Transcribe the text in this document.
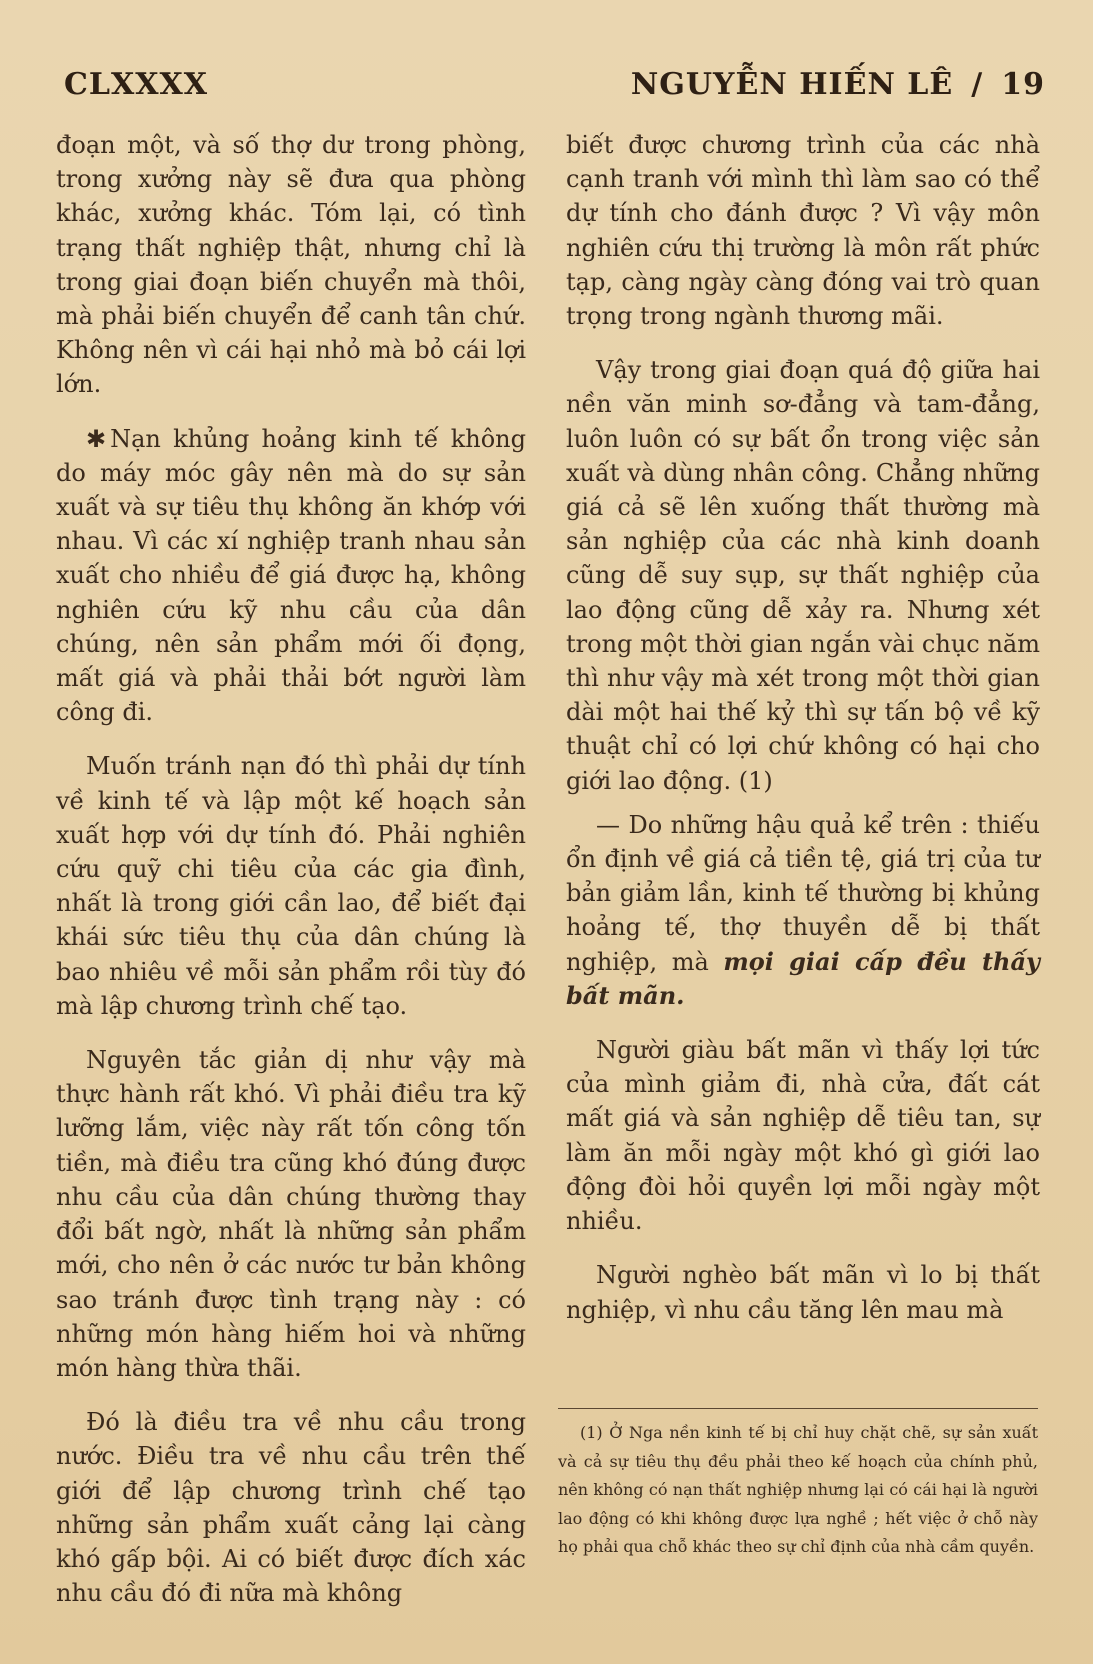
CLXXXX	NGUYỄN HIẾN LÊ / 19

đoạn một, và số thợ dư trong phòng, trong xưởng này sẽ đưa qua phòng khác, xưởng khác. Tóm lại, có tình trạng thất nghiệp thật, nhưng chỉ là trong giai đoạn biến chuyển mà thôi, mà phải biến chuyển để canh tân chứ. Không nên vì cái hại nhỏ mà bỏ cái lợi lớn.

✱ Nạn khủng hoảng kinh tế không do máy móc gây nên mà do sự sản xuất và sự tiêu thụ không ăn khớp với nhau. Vì các xí nghiệp tranh nhau sản xuất cho nhiều để giá được hạ, không nghiên cứu kỹ nhu cầu của dân chúng, nên sản phẩm mới ối đọng, mất giá và phải thải bớt người làm công đi.

Muốn tránh nạn đó thì phải dự tính về kinh tế và lập một kế hoạch sản xuất hợp với dự tính đó. Phải nghiên cứu quỹ chi tiêu của các gia đình, nhất là trong giới cần lao, để biết đại khái sức tiêu thụ của dân chúng là bao nhiêu về mỗi sản phẩm rồi tùy đó mà lập chương trình chế tạo.

Nguyên tắc giản dị như vậy mà thực hành rất khó. Vì phải điều tra kỹ lưỡng lắm, việc này rất tốn công tốn tiền, mà điều tra cũng khó đúng được nhu cầu của dân chúng thường thay đổi bất ngờ, nhất là những sản phẩm mới, cho nên ở các nước tư bản không sao tránh được tình trạng này : có những món hàng hiếm hoi và những món hàng thừa thãi.

Đó là điều tra về nhu cầu trong nước. Điều tra về nhu cầu trên thế giới để lập chương trình chế tạo những sản phẩm xuất cảng lại càng khó gấp bội. Ai có biết được đích xác nhu cầu đó đi nữa mà không

biết được chương trình của các nhà cạnh tranh với mình thì làm sao có thể dự tính cho đánh được ? Vì vậy môn nghiên cứu thị trường là môn rất phức tạp, càng ngày càng đóng vai trò quan trọng trong ngành thương mãi.

Vậy trong giai đoạn quá độ giữa hai nền văn minh sơ-đẳng và tam-đẳng, luôn luôn có sự bất ổn trong việc sản xuất và dùng nhân công. Chẳng những giá cả sẽ lên xuống thất thường mà sản nghiệp của các nhà kinh doanh cũng dễ suy sụp, sự thất nghiệp của lao động cũng dễ xảy ra. Nhưng xét trong một thời gian ngắn vài chục năm thì như vậy mà xét trong một thời gian dài một hai thế kỷ thì sự tấn bộ về kỹ thuật chỉ có lợi chứ không có hại cho giới lao động. (1)

— Do những hậu quả kể trên : thiếu ổn định về giá cả tiền tệ, giá trị của tư bản giảm lần, kinh tế thường bị khủng hoảng tế, thợ thuyền dễ bị thất nghiệp, mà mọi giai cấp đều thấy bất mãn.

Người giàu bất mãn vì thấy lợi tức của mình giảm đi, nhà cửa, đất cát mất giá và sản nghiệp dễ tiêu tan, sự làm ăn mỗi ngày một khó gì giới lao động đòi hỏi quyền lợi mỗi ngày một nhiều.

Người nghèo bất mãn vì lo bị thất nghiệp, vì nhu cầu tăng lên mau mà

(1) Ở Nga nền kinh tế bị chỉ huy chặt chẽ, sự sản xuất và cả sự tiêu thụ đều phải theo kế hoạch của chính phủ, nên không có nạn thất nghiệp nhưng lại có cái hại là người lao động có khi không được lựa nghề ; hết việc ở chỗ này họ phải qua chỗ khác theo sự chỉ định của nhà cầm quyền.
